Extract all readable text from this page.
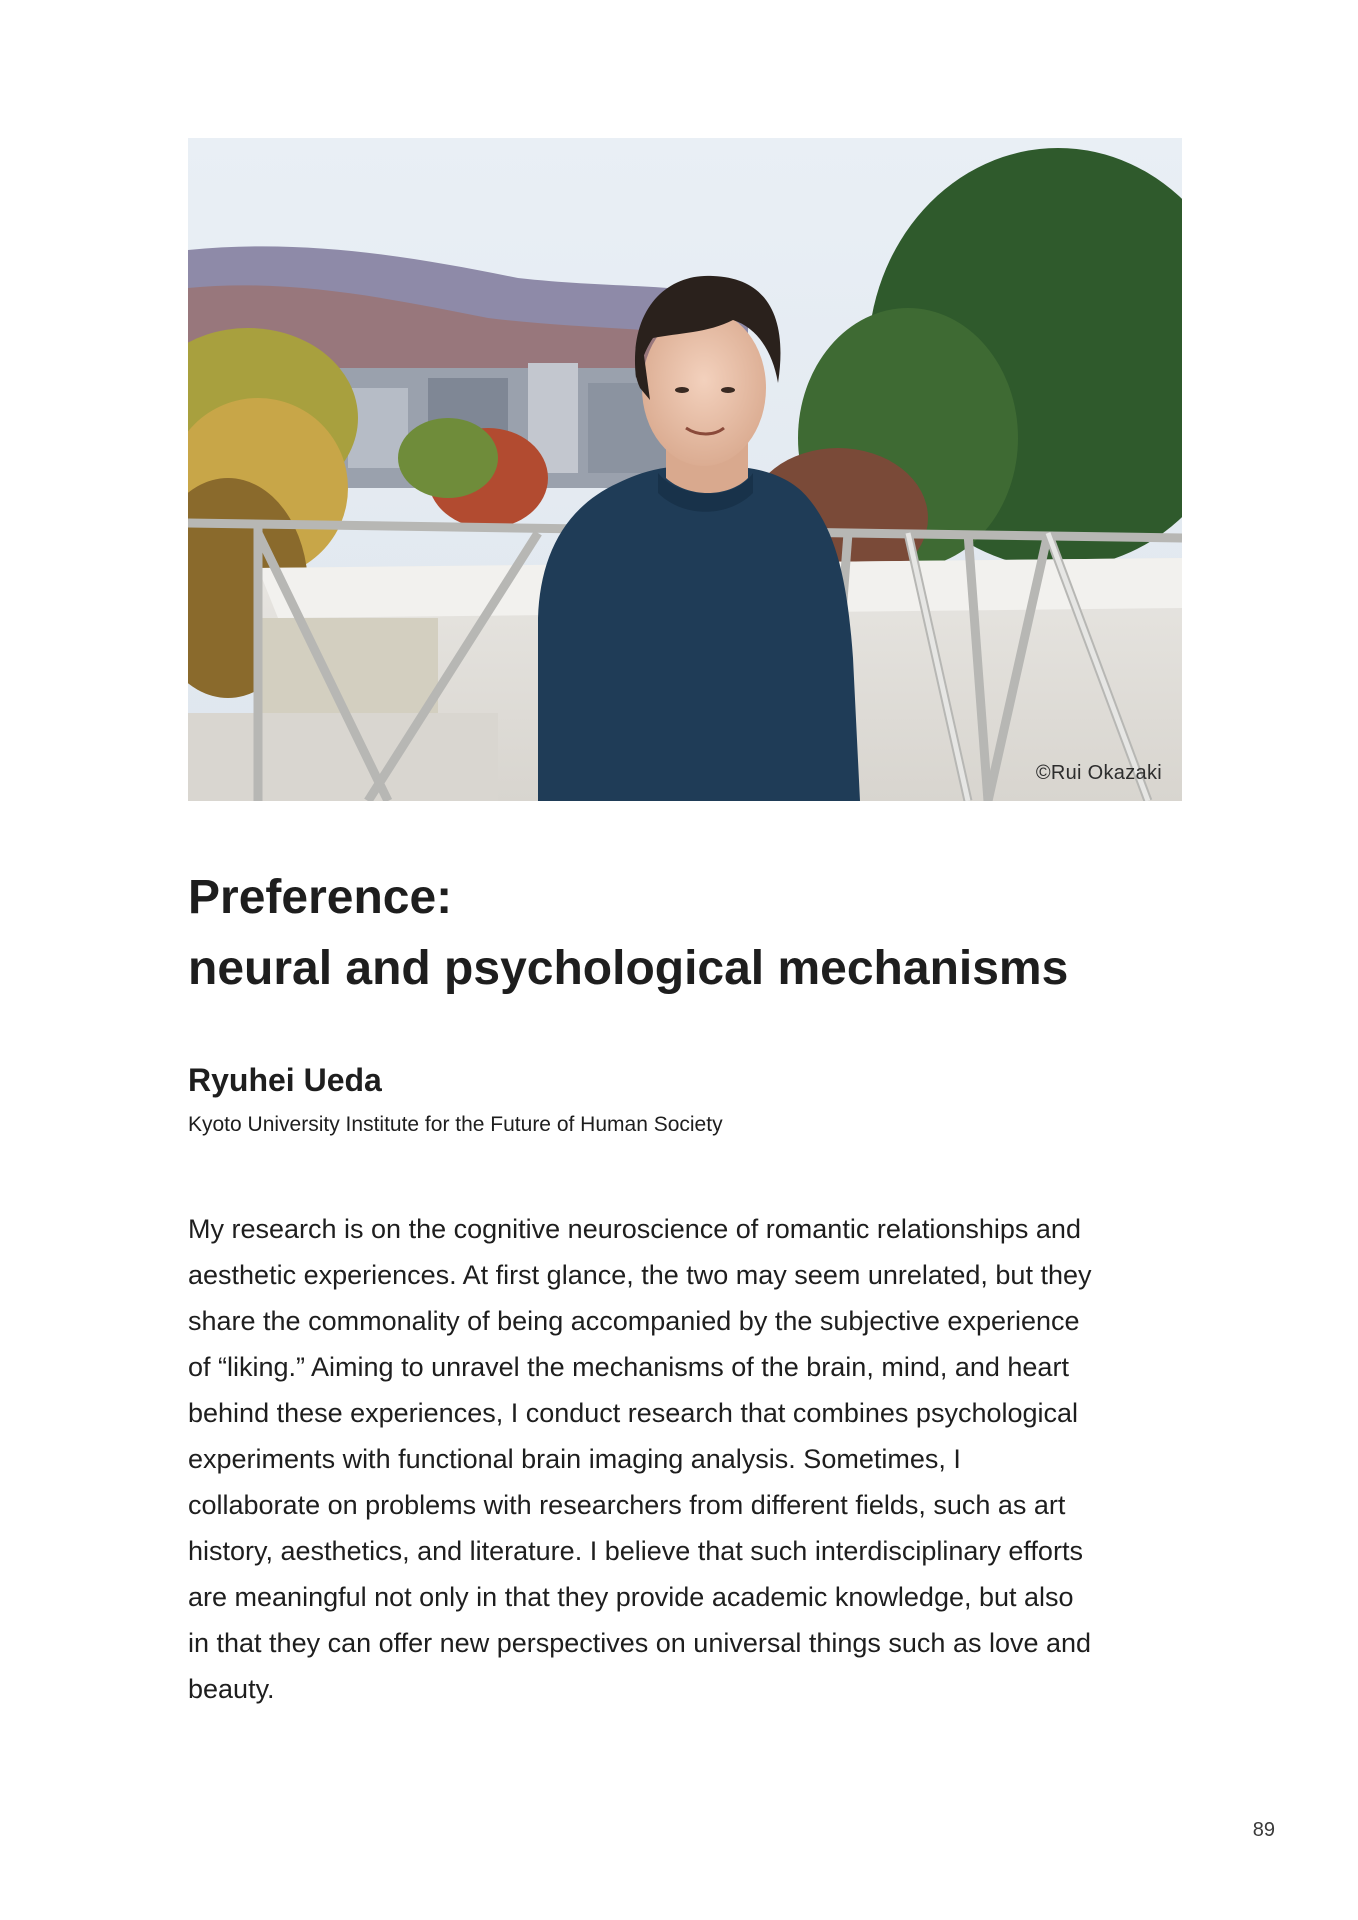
©Rui Okazaki
Preference:
neural and psychological mechanisms
Ryuhei Ueda

Kyoto University Institute for the Future of Human Society

My research is on the cognitive neuroscience of romantic relationships and
aesthetic experiences. At first glance, the two may seem unrelated, but they
share the commonality of being accompanied by the subjective experience
of “liking.” Aiming to unravel the mechanisms of the brain, mind, and heart
behind these experiences, I conduct research that combines psychological
experiments with functional brain imaging analysis. Sometimes, I
collaborate on problems with researchers from different fields, such as art
history, aesthetics, and literature. I believe that such interdisciplinary efforts
are meaningful not only in that they provide academic knowledge, but also
in that they can offer new perspectives on universal things such as love and
beauty.

89
